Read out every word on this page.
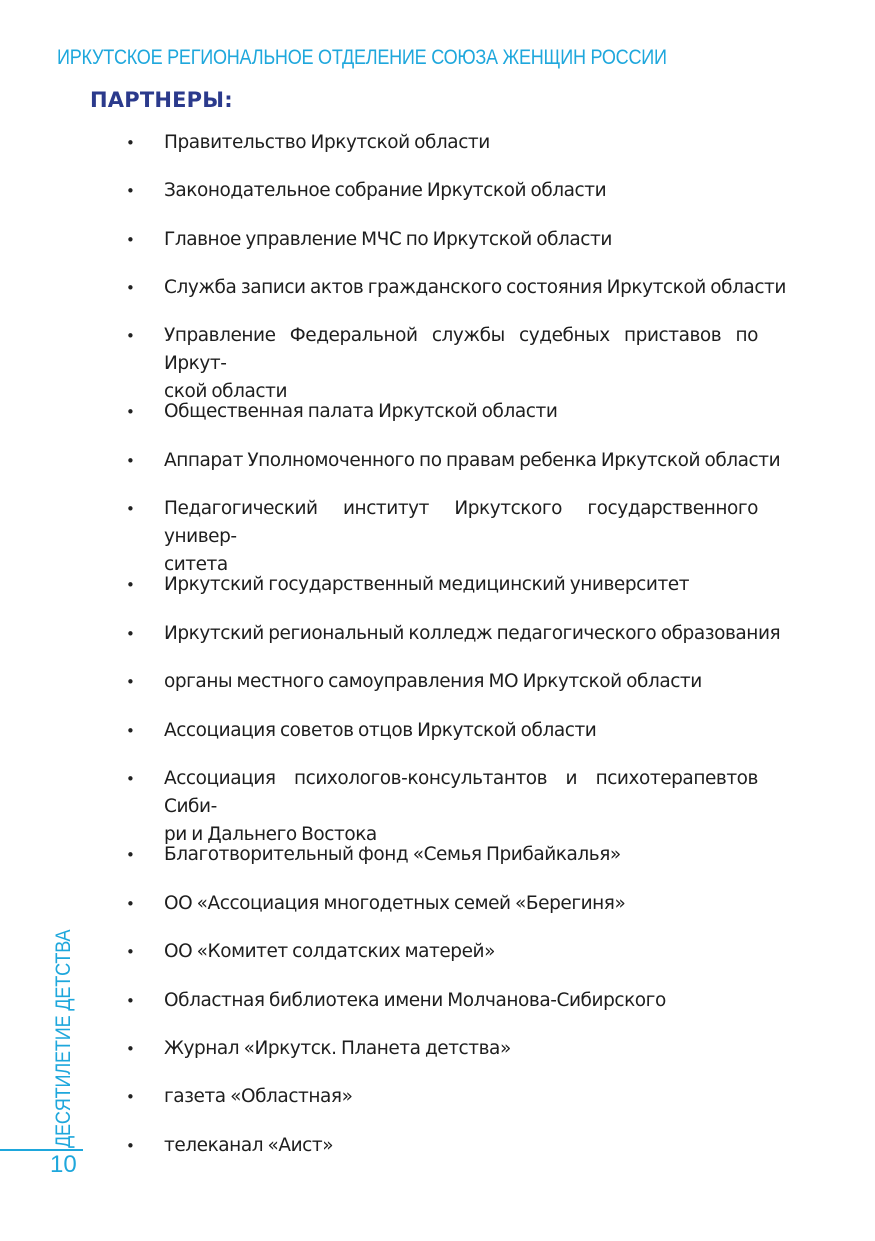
ИРКУТСКОЕ РЕГИОНАЛЬНОЕ ОТДЕЛЕНИЕ СОЮЗА ЖЕНЩИН РОССИИ
ПАРТНЕРЫ:
• Правительство Иркутской области
• Законодательное собрание Иркутской области
• Главное управление МЧС по Иркутской области
• Служба записи актов гражданского состояния Иркутской области
• Управление Федеральной службы судебных приставов по Иркут-
ской области
• Общественная палата Иркутской области
• Аппарат Уполномоченного по правам ребенка Иркутской области
• Педагогический институт Иркутского государственного универ-
ситета
• Иркутский государственный медицинский университет
• Иркутский региональный колледж педагогического образования
• органы местного самоуправления МО Иркутской области
• Ассоциация советов отцов Иркутской области
• Ассоциация психологов-консультантов и психотерапевтов Сиби-
ри и Дальнего Востока
• Благотворительный фонд «Семья Прибайкалья»
• ОО «Ассоциация многодетных семей «Берегиня»
• ОО «Комитет солдатских матерей»
• Областная библиотека имени Молчанова-Сибирского
• Журнал «Иркутск. Планета детства»
• газета «Областная»
• телеканал «Аист»
ДЕСЯТИЛЕТИЕ ДЕТСТВА
10
